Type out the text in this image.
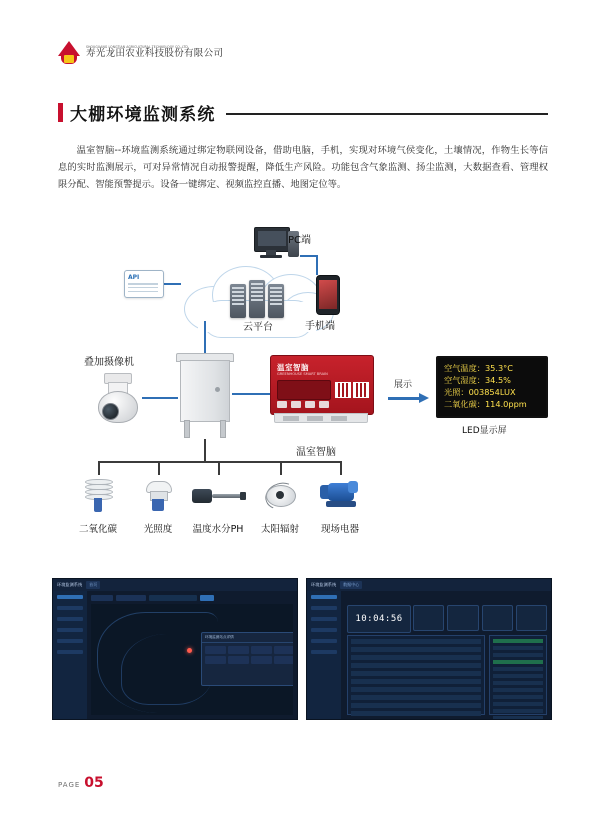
SHOUGUANG LONGTIAN AGRICULTURAL TECHNOLOGY CO.,LTD
寿光龙田农业科技股份有限公司
大棚环境监测系统
温室智脑--环境监测系统通过绑定物联网设备，借助电脑，手机，实现对环境气侯变化，土壤情况，作物生长等信息的实时监测展示，可对异常情况自动报警提醒，降低生产风险。功能包含气象监测、扬尘监测，大数据查看、管理权限分配、智能预警提示。设备一键绑定、视频监控直播、地图定位等。
PC端
云平台
API
手机端
叠加摄像机	温室智脑
GREENHOUSE SMART BRAIN
温室智脑
展示
空气温度：35.3°C
空气湿度：34.5%
光照：003854LUX
二氧化碳：114.0ppm
LED显示屏
二氧化碳	光照度	温度水分PH	太阳辐射	现场电器
环境监测系统	首页
环境监测站点详情
环境监测系统	数据中心
10:04:56
PAGE 05
